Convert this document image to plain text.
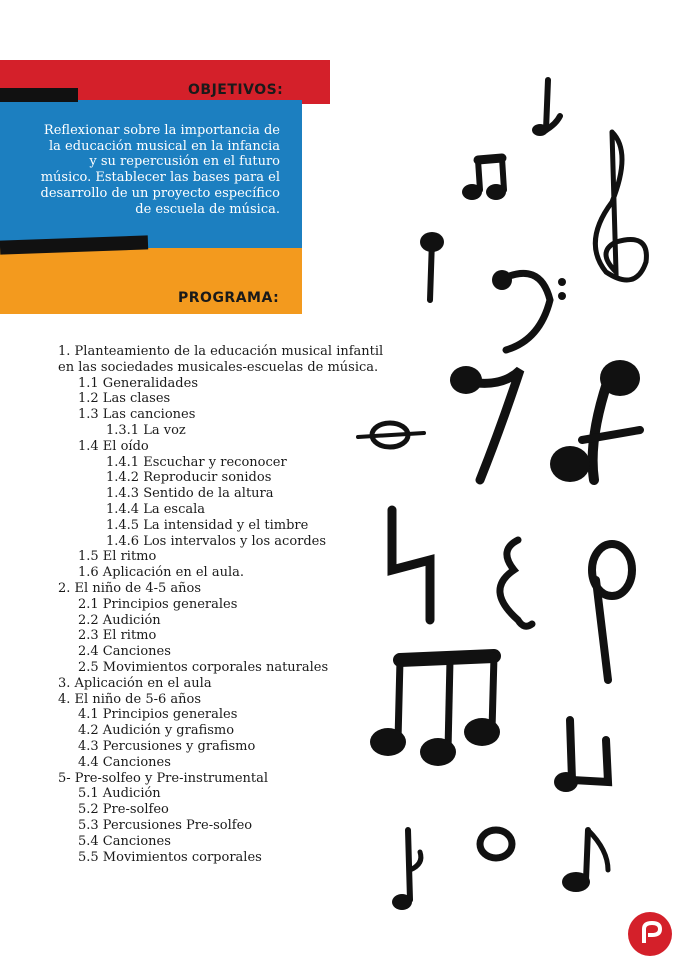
OBJETIVOS:
Reflexionar sobre la importancia de la educación musical en la infancia y su repercusión en el futuro músico. Establecer las bases para el desarrollo de un proyecto específico de escuela de música.
PROGRAMA:
1. Planteamiento de la educación musical infantil
en las sociedades musicales-escuelas de música.
1.1 Generalidades
1.2 Las clases
1.3 Las canciones
1.3.1 La voz
1.4 El oído
1.4.1 Escuchar y reconocer
1.4.2 Reproducir sonidos
1.4.3 Sentido de la altura
1.4.4 La escala
1.4.5 La intensidad y el timbre
1.4.6 Los intervalos y los acordes
1.5 El ritmo
1.6 Aplicación en el aula.
2. El niño de 4-5 años
2.1 Principios generales
2.2 Audición
2.3 El ritmo
2.4 Canciones
2.5 Movimientos corporales naturales
3. Aplicación en el aula
4. El niño de 5-6 años
4.1 Principios generales
4.2 Audición y grafismo
4.3 Percusiones y grafismo
4.4 Canciones
5- Pre-solfeo y Pre-instrumental
5.1 Audición
5.2 Pre-solfeo
5.3 Percusiones Pre-solfeo
5.4 Canciones
5.5 Movimientos corporales
